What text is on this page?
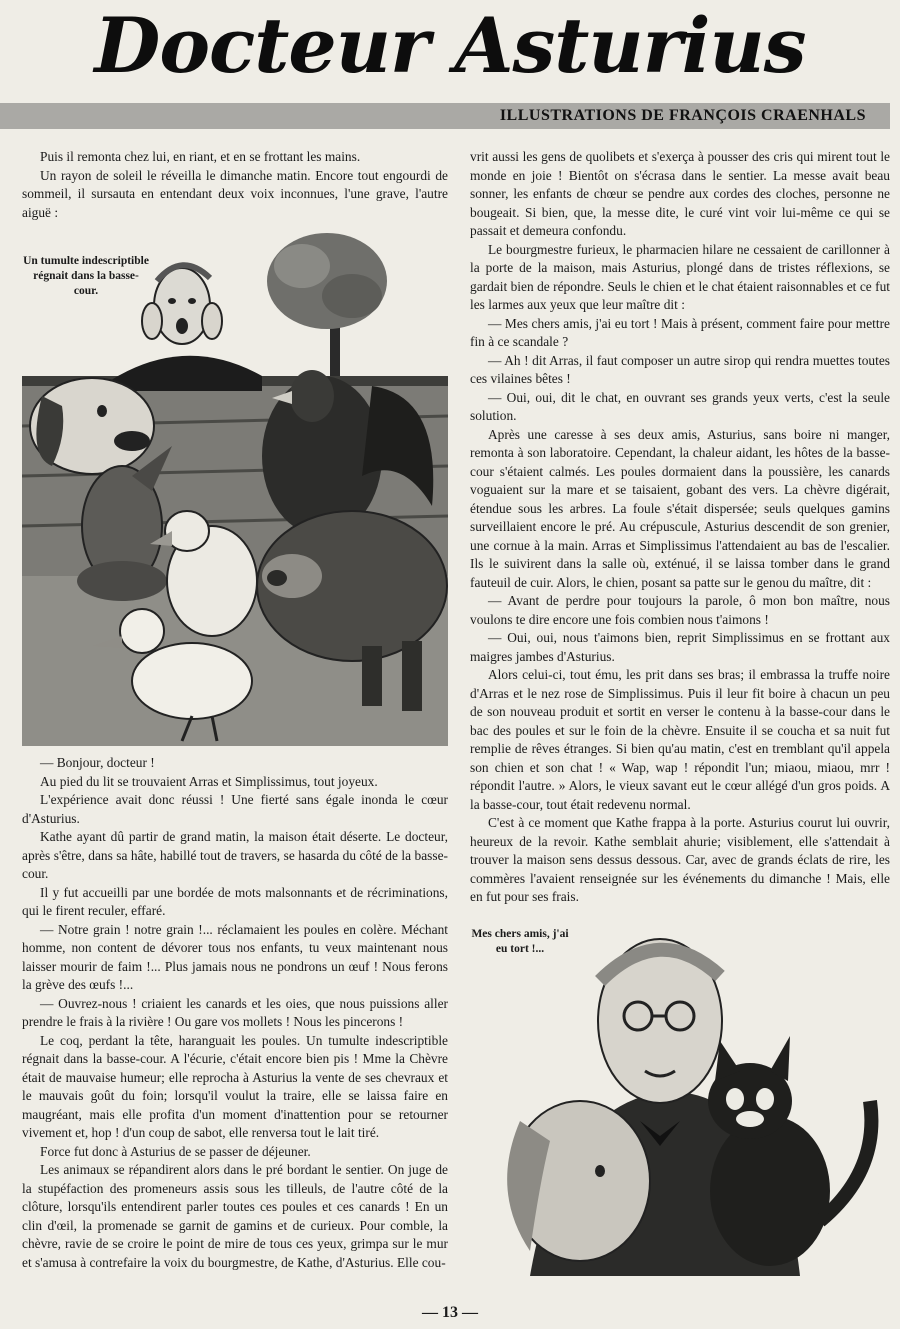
Docteur Asturius
ILLUSTRATIONS DE FRANÇOIS CRAENHALS

Puis il remonta chez lui, en riant, et en se frottant les mains.

Un rayon de soleil le réveilla le dimanche matin. Encore tout engourdi de sommeil, il sursauta en entendant deux voix inconnues, l'une grave, l'autre aiguë :

Un tumulte indescriptible régnait dans la basse-cour.

— Bonjour, docteur !

Au pied du lit se trouvaient Arras et Simplissimus, tout joyeux.

L'expérience avait donc réussi ! Une fierté sans égale inonda le cœur d'Asturius.

Kathe ayant dû partir de grand matin, la maison était déserte. Le docteur, après s'être, dans sa hâte, habillé tout de travers, se hasarda du côté de la basse-cour.

Il y fut accueilli par une bordée de mots malsonnants et de récriminations, qui le firent reculer, effaré.

— Notre grain ! notre grain !... réclamaient les poules en colère. Méchant homme, non content de dévorer tous nos enfants, tu veux maintenant nous laisser mourir de faim !... Plus jamais nous ne pondrons un œuf ! Nous ferons la grève des œufs !...

— Ouvrez-nous ! criaient les canards et les oies, que nous puissions aller prendre le frais à la rivière ! Ou gare vos mollets ! Nous les pincerons !

Le coq, perdant la tête, haranguait les poules. Un tumulte indescriptible régnait dans la basse-cour. A l'écurie, c'était encore bien pis ! Mme la Chèvre était de mauvaise humeur; elle reprocha à Asturius la vente de ses chevraux et le mauvais goût du foin; lorsqu'il voulut la traire, elle se laissa faire en maugréant, mais elle profita d'un moment d'inattention pour se retourner vivement et, hop ! d'un coup de sabot, elle renversa tout le lait tiré.

Force fut donc à Asturius de se passer de déjeuner.

Les animaux se répandirent alors dans le pré bordant le sentier. On juge de la stupéfaction des promeneurs assis sous les tilleuls, de l'autre côté de la clôture, lorsqu'ils entendirent parler toutes ces poules et ces canards ! En un clin d'œil, la promenade se garnit de gamins et de curieux. Pour comble, la chèvre, ravie de se croire le point de mire de tous ces yeux, grimpa sur le mur et s'amusa à contrefaire la voix du bourgmestre, de Kathe, d'Asturius. Elle cou-

vrit aussi les gens de quolibets et s'exerça à pousser des cris qui mirent tout le monde en joie ! Bientôt on s'écrasa dans le sentier. La messe avait beau sonner, les enfants de chœur se pendre aux cordes des cloches, personne ne bougeait. Si bien, que, la messe dite, le curé vint voir lui-même ce qui se passait et demeura confondu.

Le bourgmestre furieux, le pharmacien hilare ne cessaient de carillonner à la porte de la maison, mais Asturius, plongé dans de tristes réflexions, se gardait bien de répondre. Seuls le chien et le chat étaient raisonnables et ce fut les larmes aux yeux que leur maître dit :

— Mes chers amis, j'ai eu tort ! Mais à présent, comment faire pour mettre fin à ce scandale ?

— Ah ! dit Arras, il faut composer un autre sirop qui rendra muettes toutes ces vilaines bêtes !

— Oui, oui, dit le chat, en ouvrant ses grands yeux verts, c'est la seule solution.

Après une caresse à ses deux amis, Asturius, sans boire ni manger, remonta à son laboratoire. Cependant, la chaleur aidant, les hôtes de la basse-cour s'étaient calmés. Les poules dormaient dans la poussière, les canards voguaient sur la mare et se taisaient, gobant des vers. La chèvre digérait, étendue sous les arbres. La foule s'était dispersée; seuls quelques gamins surveillaient encore le pré. Au crépuscule, Asturius descendit de son grenier, une cornue à la main. Arras et Simplissimus l'attendaient au bas de l'escalier. Ils le suivirent dans la salle où, exténué, il se laissa tomber dans le grand fauteuil de cuir. Alors, le chien, posant sa patte sur le genou du maître, dit :

— Avant de perdre pour toujours la parole, ô mon bon maître, nous voulons te dire encore une fois combien nous t'aimons !

— Oui, oui, nous t'aimons bien, reprit Simplissimus en se frottant aux maigres jambes d'Asturius.

Alors celui-ci, tout ému, les prit dans ses bras; il embrassa la truffe noire d'Arras et le nez rose de Simplissimus. Puis il leur fit boire à chacun un peu de son nouveau produit et sortit en verser le contenu à la basse-cour dans le bac des poules et sur le foin de la chèvre. Ensuite il se coucha et sa nuit fut remplie de rêves étranges. Si bien qu'au matin, c'est en tremblant qu'il appela son chien et son chat ! « Wap, wap ! répondit l'un; miaou, miaou, mrr ! répondit l'autre. » Alors, le vieux savant eut le cœur allégé d'un gros poids. A la basse-cour, tout était redevenu normal.

C'est à ce moment que Kathe frappa à la porte. Asturius courut lui ouvrir, heureux de la revoir. Kathe semblait ahurie; visiblement, elle s'attendait à trouver la maison sens dessus dessous. Car, avec de grands éclats de rire, les commères l'avaient renseignée sur les événements du dimanche ! Mais, elle en fut pour ses frais.

Mes chers amis, j'ai eu tort !...
— 13 —
